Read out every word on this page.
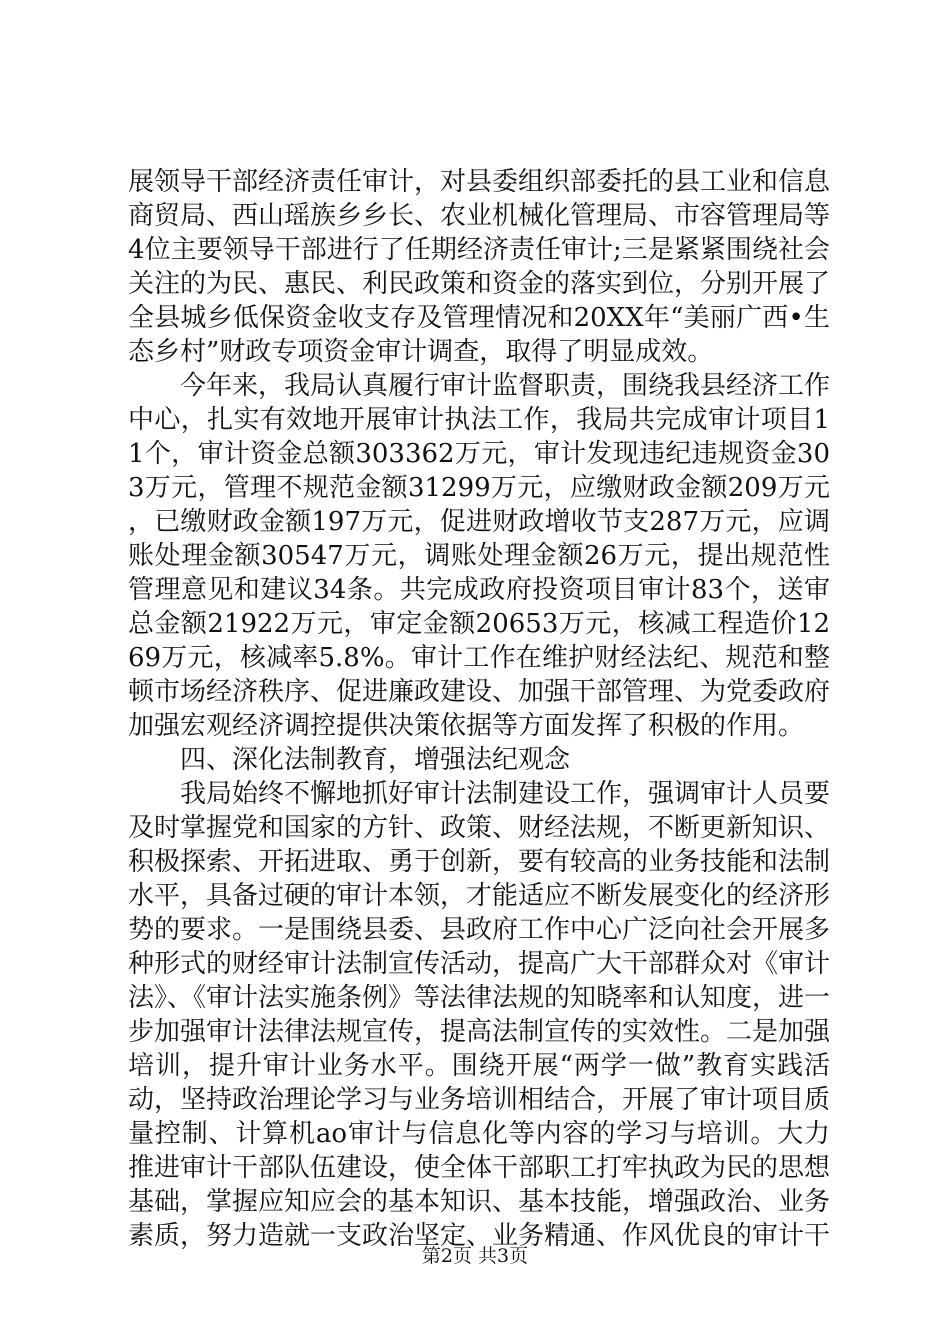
展领导干部经济责任审计，对县委组织部委托的县工业和信息商贸局、西山瑶族乡乡长、农业机械化管理局、市容管理局等4位主要领导干部进行了任期经济责任审计;三是紧紧围绕社会关注的为民、惠民、利民政策和资金的落实到位，分别开展了全县城乡低保资金收支存及管理情况和20XX年“美丽广西•生态乡村”财政专项资金审计调查，取得了明显成效。

今年来，我局认真履行审计监督职责，围绕我县经济工作中心，扎实有效地开展审计执法工作，我局共完成审计项目11个，审计资金总额303362万元，审计发现违纪违规资金303万元，管理不规范金额31299万元，应缴财政金额209万元，已缴财政金额197万元，促进财政增收节支287万元，应调账处理金额30547万元，调账处理金额26万元，提出规范性管理意见和建议34条。共完成政府投资项目审计83个，送审总金额21922万元，审定金额20653万元，核减工程造价1269万元，核减率5.8%。审计工作在维护财经法纪、规范和整顿市场经济秩序、促进廉政建设、加强干部管理、为党委政府加强宏观经济调控提供决策依据等方面发挥了积极的作用。

四、深化法制教育，增强法纪观念

我局始终不懈地抓好审计法制建设工作，强调审计人员要及时掌握党和国家的方针、政策、财经法规，不断更新知识、积极探索、开拓进取、勇于创新，要有较高的业务技能和法制水平，具备过硬的审计本领，才能适应不断发展变化的经济形势的要求。一是围绕县委、县政府工作中心广泛向社会开展多种形式的财经审计法制宣传活动，提高广大干部群众对《审计法》、《审计法实施条例》等法律法规的知晓率和认知度，进一步加强审计法律法规宣传，提高法制宣传的实效性。二是加强培训，提升审计业务水平。围绕开展“两学一做”教育实践活动，坚持政治理论学习与业务培训相结合，开展了审计项目质量控制、计算机ao审计与信息化等内容的学习与培训。大力推进审计干部队伍建设，使全体干部职工打牢执政为民的思想基础，掌握应知应会的基本知识、基本技能，增强政治、业务素质，努力造就一支政治坚定、业务精通、作风优良的审计干

第2页 共3页
